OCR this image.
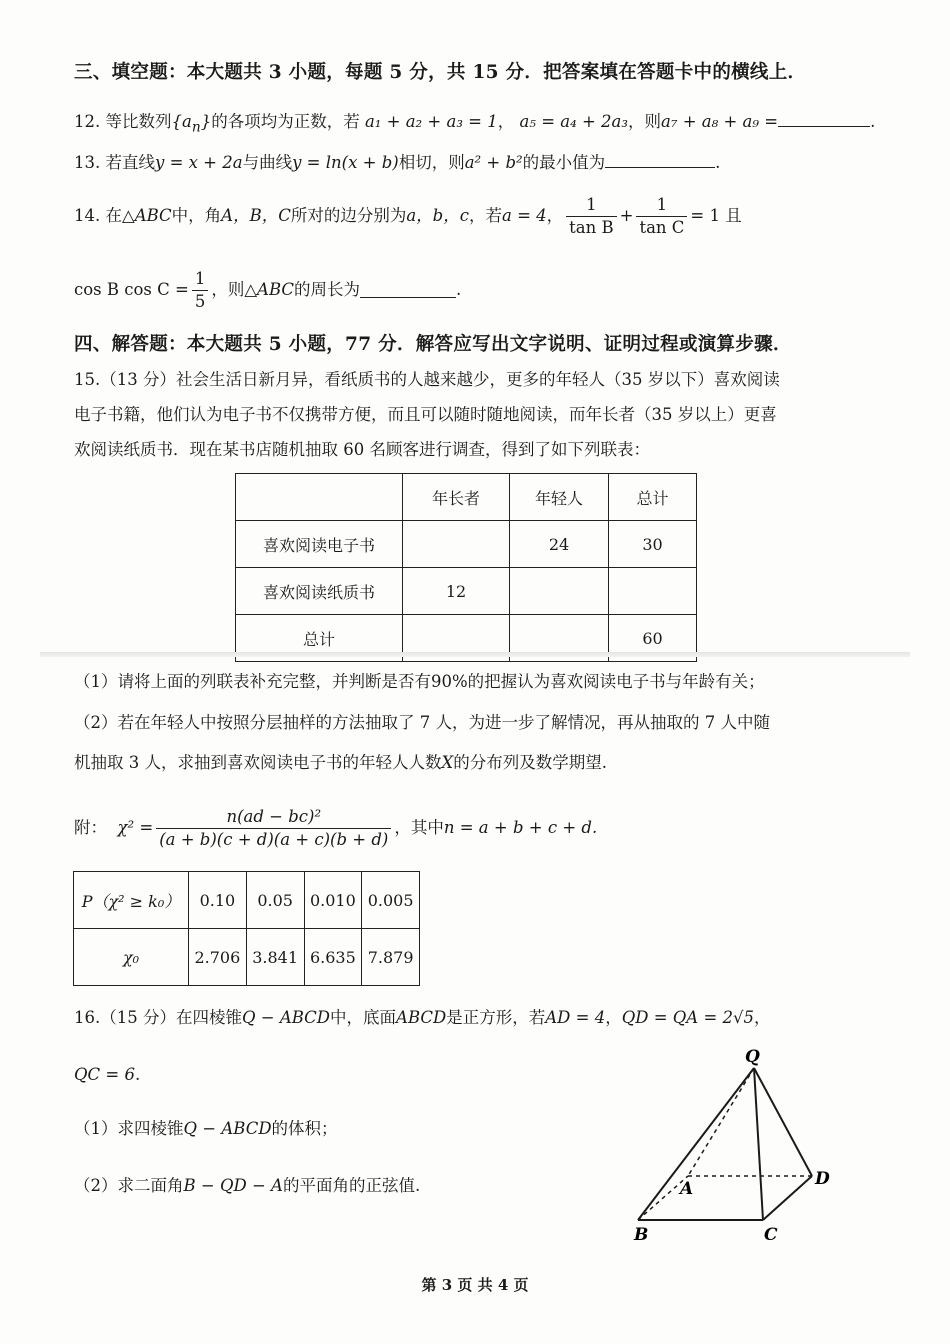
三、填空题：本大题共 3 小题，每题 5 分，共 15 分．把答案填在答题卡中的横线上．
12. 等比数列$\{a_n\}$的各项均为正数，若 a₁ + a₂ + a₃ = 1， a₅ = a₄ + 2a₃，则a₇ + a₈ + a₉ =	.
13. 若直线y = x + 2a与曲线y = ln(x + b)相切，则a² + b²的最小值为	.
14. 在△ ABC 中，角 A，B，C 所对的边分别为 a，b，c ，若 a = 4 ， $\frac{1}{\text{tan B}} + \frac{1}{\text{tan C}} = 1$ 且
cos B $\cos C = \frac{1}{5}$ ，则△ ABC 的周长为	.
四、解答题：本大题共 5 小题，77 分．解答应写出文字说明、证明过程或演算步骤．
15.（13 分）社会生活日新月异，看纸质书的人越来越少，更多的年轻人（35 岁以下）喜欢阅读
电子书籍，他们认为电子书不仅携带方便，而且可以随时随地阅读，而年长者（35 岁以上）更喜
欢阅读纸质书．现在某书店随机抽取 60 名顾客进行调查，得到了如下列联表：
	年长者	年轻人	总计
喜欢阅读电子书		24	30
喜欢阅读纸质书	12		
总计			60
（1）请将上面的列联表补充完整，并判断是否有90%的把握认为喜欢阅读电子书与年龄有关；
（2）若在年轻人中按照分层抽样的方法抽取了 7 人，为进一步了解情况，再从抽取的 7 人中随
机抽取 3 人，求抽到喜欢阅读电子书的年轻人人数X的分布列及数学期望.
附：
$\chi^2 = \frac{\text{n(ad − bc)²}}{(a + b)(c + d)(a + c)(b + d)}$ ，其中 n = a + b + c + d.
P（χ² ≥ k₀）	0.10	0.05	0.010	0.005
χ₀	2.706	3.841	6.635	7.879
16.（15 分）在四棱锥Q − ABCD中，底面ABCD是正方形，若AD = 4，QD = QA = 2√5，
QC = 6.
（1）求四棱锥Q − ABCD的体积；
（2）求二面角B − QD − A的平面角的正弦值.
Q
A
B	C
D
第 3 页 共 4 页
